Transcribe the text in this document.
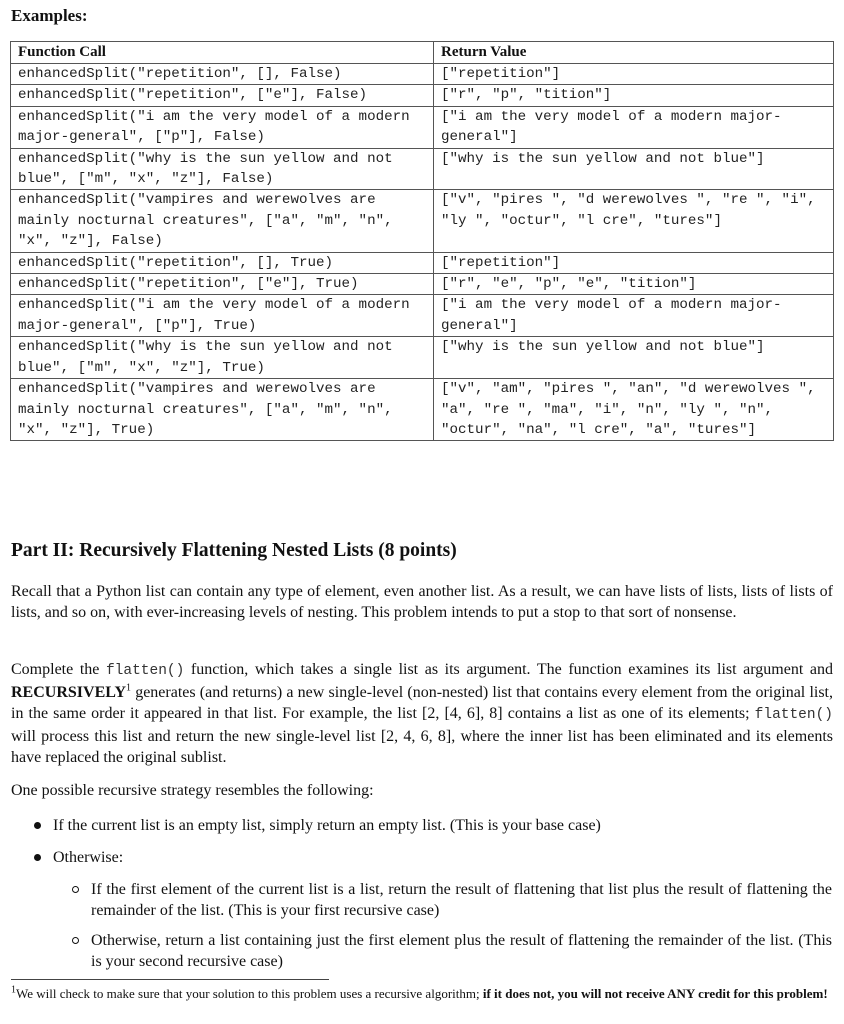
Examples:
Function Call	Return Value
enhancedSplit("repetition", [], False)	["repetition"]
enhancedSplit("repetition", ["e"], False)	["r", "p", "tition"]
enhancedSplit("i am the very model of a modern major-general", ["p"], False)	["i am the very model of a modern major-general"]
enhancedSplit("why is the sun yellow and not blue", ["m", "x", "z"], False)	["why is the sun yellow and not blue"]
enhancedSplit("vampires and werewolves are mainly nocturnal creatures", ["a", "m", "n", "x", "z"], False)	["v", "pires ", "d werewolves ", "re ", "i", "ly ", "octur", "l cre", "tures"]
enhancedSplit("repetition", [], True)	["repetition"]
enhancedSplit("repetition", ["e"], True)	["r", "e", "p", "e", "tition"]
enhancedSplit("i am the very model of a modern major-general", ["p"], True)	["i am the very model of a modern major-general"]
enhancedSplit("why is the sun yellow and not blue", ["m", "x", "z"], True)	["why is the sun yellow and not blue"]
enhancedSplit("vampires and werewolves are mainly nocturnal creatures", ["a", "m", "n", "x", "z"], True)	["v", "am", "pires ", "an", "d werewolves ", "a", "re ", "ma", "i", "n", "ly ", "n", "octur", "na", "l cre", "a", "tures"]
Part II: Recursively Flattening Nested Lists (8 points)

Recall that a Python list can contain any type of element, even another list. As a result, we can have lists of lists, lists of lists of lists, and so on, with ever-increasing levels of nesting. This problem intends to put a stop to that sort of nonsense.

Complete the flatten() function, which takes a single list as its argument. The function examines its list argument and RECURSIVELY$^1$ generates (and returns) a new single-level (non-nested) list that contains every element from the original list, in the same order it appeared in that list. For example, the list [2, [4, 6], 8] contains a list as one of its elements; flatten() will process this list and return the new single-level list [2, 4, 6, 8], where the inner list has been eliminated and its elements have replaced the original sublist.

One possible recursive strategy resembles the following:

If the current list is an empty list, simply return an empty list. (This is your base case)
Otherwise:
If the first element of the current list is a list, return the result of flattening that list plus the result of flattening the remainder of the list. (This is your first recursive case)
Otherwise, return a list containing just the first element plus the result of flattening the remainder of the list. (This is your second recursive case)

$^1$We will check to make sure that your solution to this problem uses a recursive algorithm; if it does not, you will not receive ANY credit for this problem!
